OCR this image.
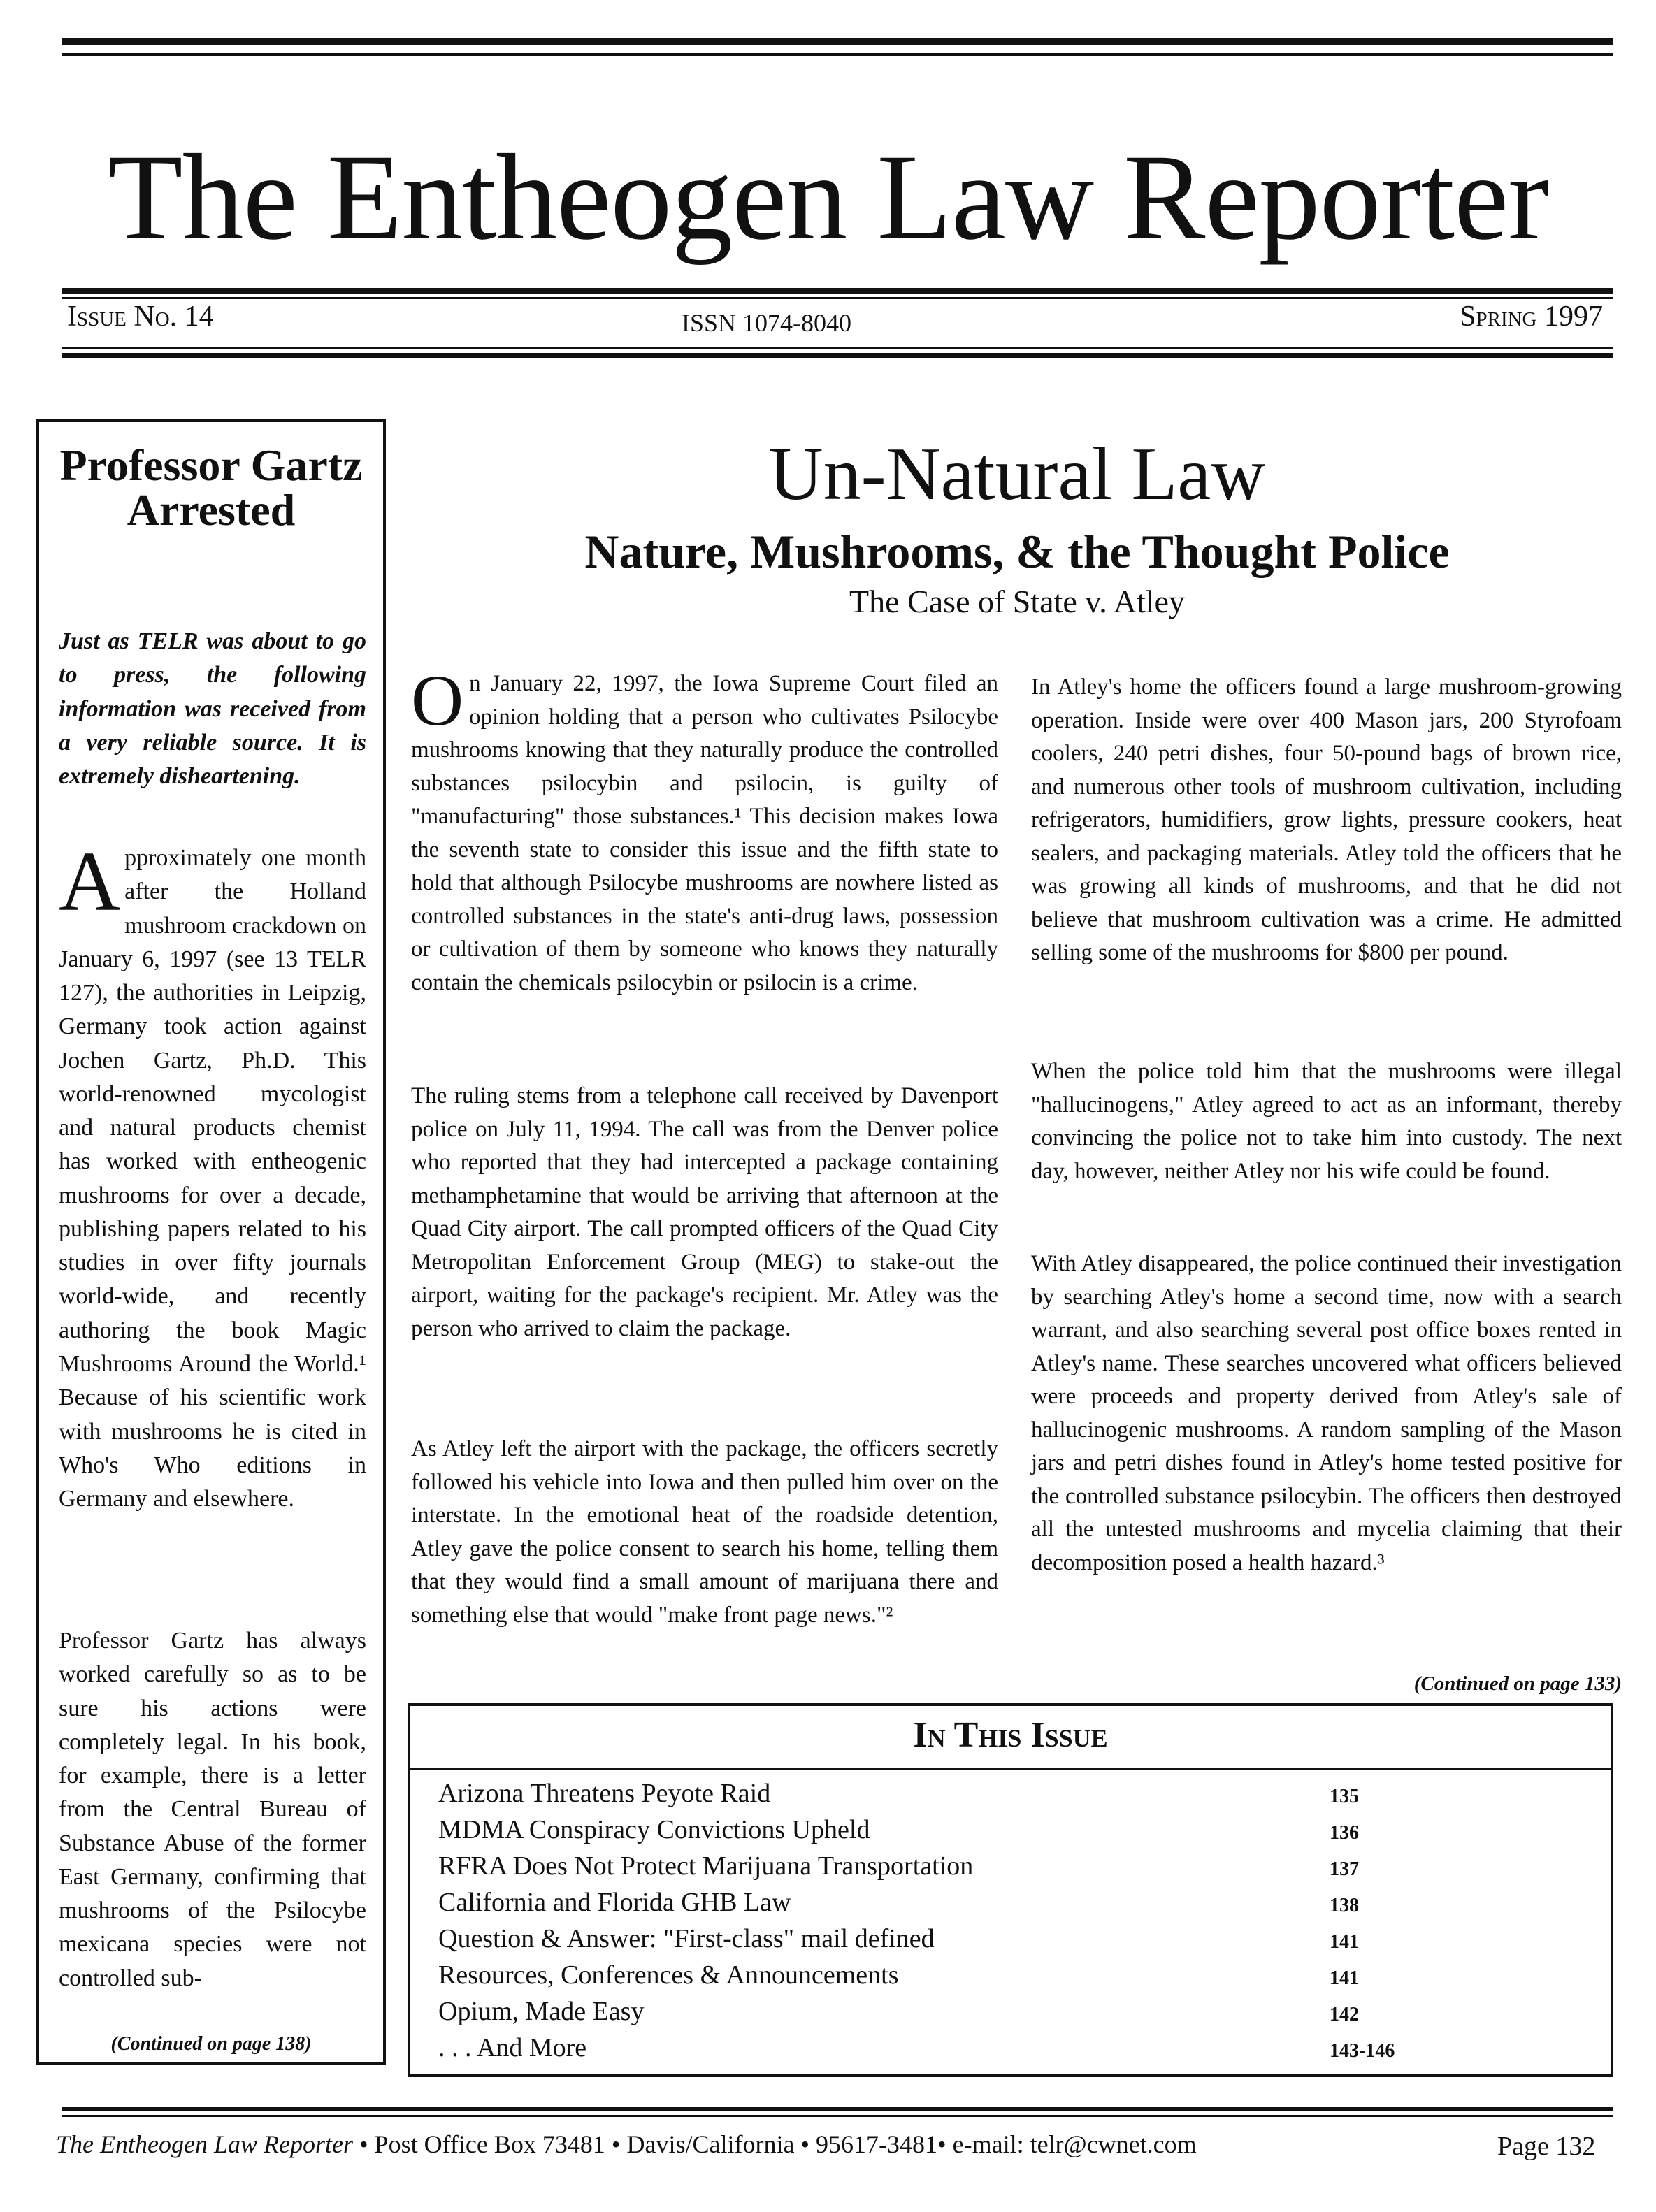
The Entheogen Law Reporter
Issue No. 14	ISSN 1074-8040	Spring 1997
Professor Gartz Arrested
Just as TELR was about to go to press, the following information was received from a very reliable source. It is extremely disheartening.
Approximately one month after the Holland mushroom crackdown on January 6, 1997 (see 13 TELR 127), the authorities in Leipzig, Germany took action against Jochen Gartz, Ph.D. This world-renowned mycologist and natural products chemist has worked with entheogenic mushrooms for over a decade, publishing papers related to his studies in over fifty journals world-wide, and recently authoring the book Magic Mushrooms Around the World.¹ Because of his scientific work with mushrooms he is cited in Who's Who editions in Germany and elsewhere.
Professor Gartz has always worked carefully so as to be sure his actions were completely legal. In his book, for example, there is a letter from the Central Bureau of Substance Abuse of the former East Germany, confirming that mushrooms of the Psilocybe mexicana species were not controlled sub-
(Continued on page 138)
Un-Natural Law
Nature, Mushrooms, & the Thought Police
The Case of State v. Atley
On January 22, 1997, the Iowa Supreme Court filed an opinion holding that a person who cultivates Psilocybe mushrooms knowing that they naturally produce the controlled substances psilocybin and psilocin, is guilty of "manufacturing" those substances.¹ This decision makes Iowa the seventh state to consider this issue and the fifth state to hold that although Psilocybe mushrooms are nowhere listed as controlled substances in the state's anti-drug laws, possession or cultivation of them by someone who knows they naturally contain the chemicals psilocybin or psilocin is a crime.
The ruling stems from a telephone call received by Davenport police on July 11, 1994. The call was from the Denver police who reported that they had intercepted a package containing methamphetamine that would be arriving that afternoon at the Quad City airport. The call prompted officers of the Quad City Metropolitan Enforcement Group (MEG) to stake-out the airport, waiting for the package's recipient. Mr. Atley was the person who arrived to claim the package.
As Atley left the airport with the package, the officers secretly followed his vehicle into Iowa and then pulled him over on the interstate. In the emotional heat of the roadside detention, Atley gave the police consent to search his home, telling them that they would find a small amount of marijuana there and something else that would "make front page news."²
In Atley's home the officers found a large mushroom-growing operation. Inside were over 400 Mason jars, 200 Styrofoam coolers, 240 petri dishes, four 50-pound bags of brown rice, and numerous other tools of mushroom cultivation, including refrigerators, humidifiers, grow lights, pressure cookers, heat sealers, and packaging materials. Atley told the officers that he was growing all kinds of mushrooms, and that he did not believe that mushroom cultivation was a crime. He admitted selling some of the mushrooms for $800 per pound.
When the police told him that the mushrooms were illegal "hallucinogens," Atley agreed to act as an informant, thereby convincing the police not to take him into custody. The next day, however, neither Atley nor his wife could be found.
With Atley disappeared, the police continued their investigation by searching Atley's home a second time, now with a search warrant, and also searching several post office boxes rented in Atley's name. These searches uncovered what officers believed were proceeds and property derived from Atley's sale of hallucinogenic mushrooms. A random sampling of the Mason jars and petri dishes found in Atley's home tested positive for the controlled substance psilocybin. The officers then destroyed all the untested mushrooms and mycelia claiming that their decomposition posed a health hazard.³
(Continued on page 133)
In This Issue
Arizona Threatens Peyote Raid	135
MDMA Conspiracy Convictions Upheld	136
RFRA Does Not Protect Marijuana Transportation	137
California and Florida GHB Law	138
Question & Answer: "First-class" mail defined	141
Resources, Conferences & Announcements	141
Opium, Made Easy	142
. . . And More	143-146
The Entheogen Law Reporter • Post Office Box 73481 • Davis/California • 95617-3481• e-mail: telr@cwnet.com	Page 132
